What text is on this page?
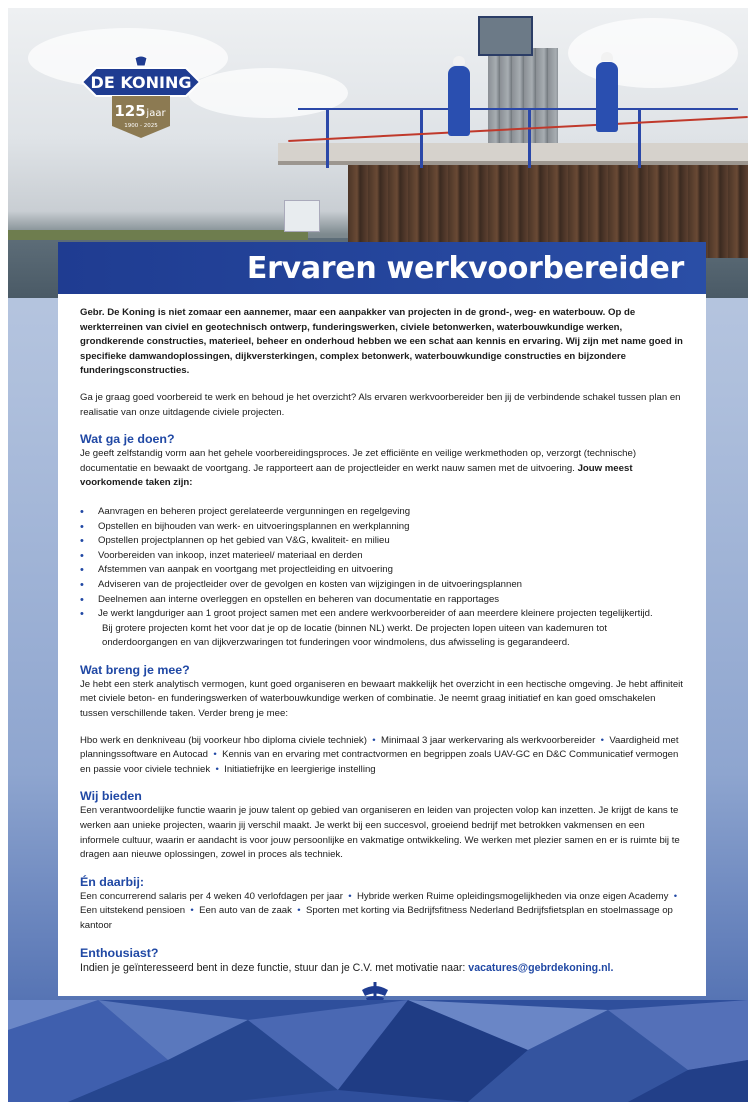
DE KONING
125 jaar
1900 - 2025
Ervaren werkvoorbereider

Gebr. De Koning is niet zomaar een aannemer, maar een aanpakker van projecten in de grond-, weg- en waterbouw. Op de werkterreinen van civiel en geotechnisch ontwerp, funderingswerken, civiele betonwerken, waterbouwkundige werken, grondkerende constructies, materieel, beheer en onderhoud hebben we een schat aan kennis en ervaring. Wij zijn met name goed in specifieke damwandoplossingen, dijkversterkingen, complex betonwerk, waterbouwkundige constructies en bijzondere funderingsconstructies.

Ga je graag goed voorbereid te werk en behoud je het overzicht? Als ervaren werkvoorbereider ben jij de verbindende schakel tussen plan en realisatie van onze uitdagende civiele projecten.

Wat ga je doen?

Je geeft zelfstandig vorm aan het gehele voorbereidingsproces. Je zet efficiënte en veilige werkmethoden op, verzorgt (technische) documentatie en bewaakt de voortgang. Je rapporteert aan de projectleider en werkt nauw samen met de uitvoering. Jouw meest voorkomende taken zijn:

• Aanvragen en beheren project gerelateerde vergunningen en regelgeving
• Opstellen en bijhouden van werk- en uitvoeringsplannen en werkplanning
• Opstellen projectplannen op het gebied van V&G, kwaliteit- en milieu
• Voorbereiden van inkoop, inzet materieel/ materiaal en derden
• Afstemmen van aanpak en voortgang met projectleiding en uitvoering
• Adviseren van de projectleider over de gevolgen en kosten van wijzigingen in de uitvoeringsplannen
• Deelnemen aan interne overleggen en opstellen en beheren van documentatie en rapportages
• Je werkt langduriger aan 1 groot project samen met een andere werkvoorbereider of aan meerdere kleinere projecten tegelijkertijd.

Bij grotere projecten komt het voor dat je op de locatie (binnen NL) werkt. De projecten lopen uiteen van kademuren tot onderdoorgangen en van dijkverzwaringen tot funderingen voor windmolens, dus afwisseling is gegarandeerd.

Wat breng je mee?

Je hebt een sterk analytisch vermogen, kunt goed organiseren en bewaart makkelijk het overzicht in een hectische omgeving. Je hebt affiniteit met civiele beton- en funderingswerken of waterbouwkundige werken of combinatie. Je neemt graag initiatief en kan goed omschakelen tussen verschillende taken. Verder breng je mee:

Hbo werk en denkniveau (bij voorkeur hbo diploma civiele techniek)  •  Minimaal 3 jaar werkervaring als werkvoorbereider  •  Vaardigheid met planningssoftware en Autocad  •  Kennis van en ervaring met contractvormen en begrippen zoals UAV-GC en D&C Communicatief vermogen en passie voor civiele techniek  •  Initiatiefrijke en leergierige instelling

Wij bieden

Een verantwoordelijke functie waarin je jouw talent op gebied van organiseren en leiden van projecten volop kan inzetten. Je krijgt de kans te werken aan unieke projecten, waarin jij verschil maakt. Je werkt bij een succesvol, groeiend bedrijf met betrokken vakmensen en een informele cultuur, waarin er aandacht is voor jouw persoonlijke en vakmatige ontwikkeling. We werken met plezier samen en er is ruimte bij te dragen aan nieuwe oplossingen, zowel in proces als techniek.

Én daarbij:

Een concurrerend salaris per 4 weken 40 verlofdagen per jaar  •  Hybride werken Ruime opleidingsmogelijkheden via onze eigen Academy  •  Een uitstekend pensioen  •  Een auto van de zaak  •  Sporten met korting via Bedrijfsfitness Nederland Bedrijfsfietsplan en stoelmassage op kantoor

Enthousiast?

Indien je geïnteresseerd bent in deze functie, stuur dan je C.V. met motivatie naar: vacatures@gebrdekoning.nl.
